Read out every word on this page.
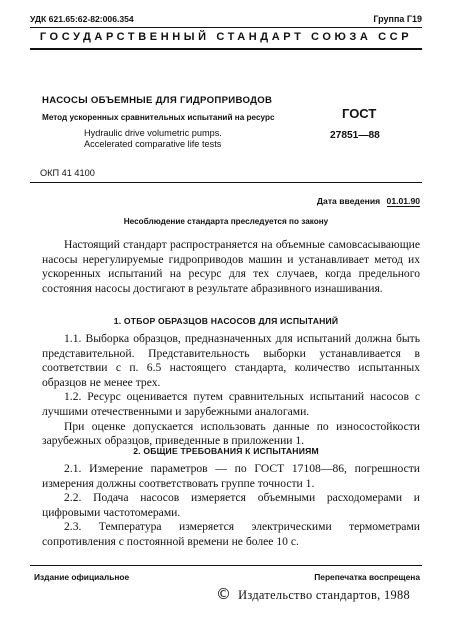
УДК 621.65:62-82:006.354	Группа Г19
ГОСУДАРСТВЕННЫЙ СТАНДАРТ СОЮЗА ССР
НАСОСЫ ОБЪЕМНЫЕ ДЛЯ ГИДРОПРИВОДОВ
Метод ускоренных сравнительных испытаний на ресурс
Hydraulic drive volumetric pumps.
Accelerated comparative life tests
ГОСТ
27851—88
ОКП 41 4100
Дата введения 01.01.90
Несоблюдение стандарта преследуется по закону

Настоящий стандарт распространяется на объемные самовсасывающие насосы нерегулируемые гидроприводов машин и устанавливает метод их ускоренных испытаний на ресурс для тех случаев, когда предельного состояния насосы достигают в результате абразивного изнашивания.

1. ОТБОР ОБРАЗЦОВ НАСОСОВ ДЛЯ ИСПЫТАНИЙ

1.1. Выборка образцов, предназначенных для испытаний должна быть представительной. Представительность выборки устанавливается в соответствии с п. 6.5 настоящего стандарта, количество испытанных образцов не менее трех.

1.2. Ресурс оценивается путем сравнительных испытаний насосов с лучшими отечественными и зарубежными аналогами.

При оценке допускается использовать данные по износостойкости зарубежных образцов, приведенные в приложении 1.

2. ОБЩИЕ ТРЕБОВАНИЯ К ИСПЫТАНИЯМ

2.1. Измерение параметров — по ГОСТ 17108—86, погрешности измерения должны соответствовать группе точности 1.

2.2. Подача насосов измеряется объемными расходомерами и цифровыми частотомерами.

2.3. Температура измеряется электрическими термометрами сопротивления с постоянной времени не более 10 с.

Издание официальное	Перепечатка воспрещена
© Издательство стандартов, 1988
